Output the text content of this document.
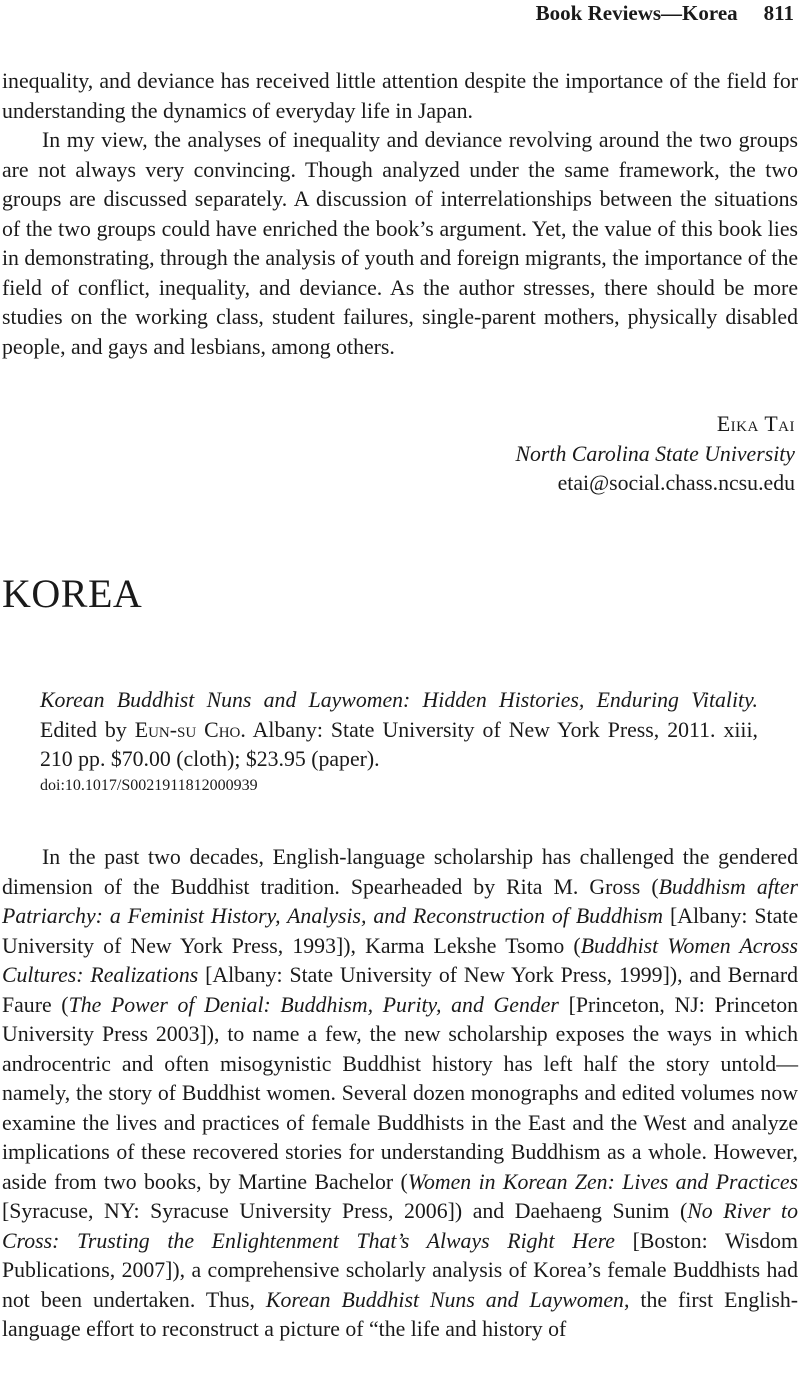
Book Reviews—Korea 811

inequality, and deviance has received little attention despite the importance of the field for understanding the dynamics of everyday life in Japan.

In my view, the analyses of inequality and deviance revolving around the two groups are not always very convincing. Though analyzed under the same framework, the two groups are discussed separately. A discussion of interrelationships between the situations of the two groups could have enriched the book’s argument. Yet, the value of this book lies in demonstrating, through the analysis of youth and foreign migrants, the importance of the field of conflict, inequality, and deviance. As the author stresses, there should be more studies on the working class, student failures, single-parent mothers, physically disabled people, and gays and lesbians, among others.

Eika Tai
North Carolina State University
etai@social.chass.ncsu.edu
KOREA
Korean Buddhist Nuns and Laywomen: Hidden Histories, Enduring Vitality. Edited by Eun-su Cho. Albany: State University of New York Press, 2011. xiii, 210 pp. $70.00 (cloth); $23.95 (paper).
doi:10.1017/S0021911812000939

In the past two decades, English-language scholarship has challenged the gendered dimension of the Buddhist tradition. Spearheaded by Rita M. Gross (Buddhism after Patriarchy: a Feminist History, Analysis, and Reconstruction of Buddhism [Albany: State University of New York Press, 1993]), Karma Lekshe Tsomo (Buddhist Women Across Cultures: Realizations [Albany: State University of New York Press, 1999]), and Bernard Faure (The Power of Denial: Buddhism, Purity, and Gender [Princeton, NJ: Princeton University Press 2003]), to name a few, the new scholarship exposes the ways in which androcentric and often misogynistic Buddhist history has left half the story untold—namely, the story of Buddhist women. Several dozen monographs and edited volumes now examine the lives and practices of female Buddhists in the East and the West and analyze implications of these recovered stories for understanding Buddhism as a whole. However, aside from two books, by Martine Bachelor (Women in Korean Zen: Lives and Practices [Syracuse, NY: Syracuse University Press, 2006]) and Daehaeng Sunim (No River to Cross: Trusting the Enlightenment That’s Always Right Here [Boston: Wisdom Publications, 2007]), a comprehensive scholarly analysis of Korea’s female Buddhists had not been undertaken. Thus, Korean Buddhist Nuns and Laywomen, the first English-language effort to reconstruct a picture of “the life and history of
